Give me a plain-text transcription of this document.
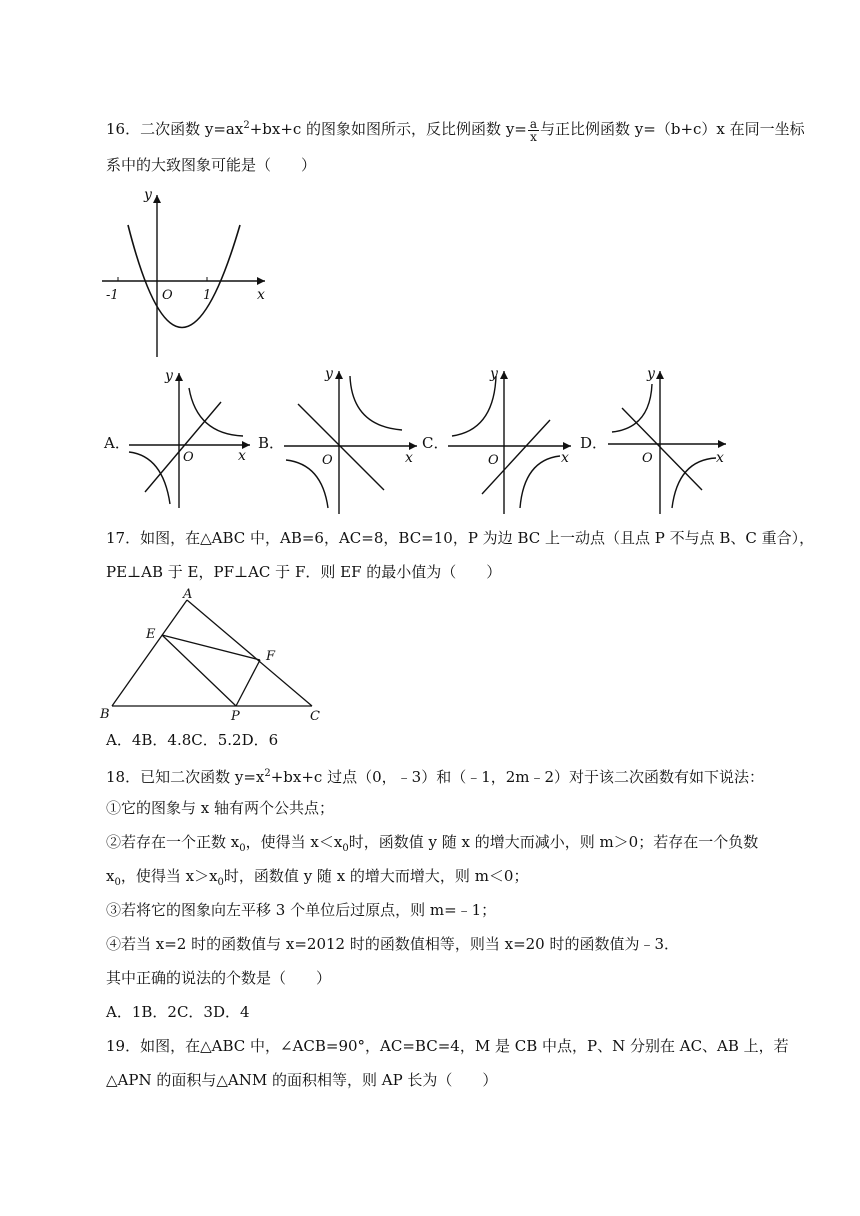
16．二次函数 $y=ax^2+bx+c$ 的图象如图所示，反比例函数 $y= \frac{a}{x}$ 与正比例函数 y=（b+c）x 在同一坐标
系中的大致图象可能是（　　）
y
x
O
-1	1
A．
y
x
O
B．
y
x
O
C．
y
x
O
D．
y
x
O
17．如图，在△ABC 中，AB=6，AC=8，BC=10，P 为边 BC 上一动点（且点 P 不与点 B、C 重合），
PE⊥AB 于 E，PF⊥AC 于 F．则 EF 的最小值为（　　）
A
B	C
E
F
P
A．4B．4.8C．5.2D．6
18．已知二次函数 $y=x^2+bx+c$ 过点（0，﹣3）和（﹣1，2m﹣2）对于该二次函数有如下说法：
①它的图象与 x 轴有两个公共点；
②若存在一个正数 $x_0$，使得当 $x<x_0$时，函数值 y 随 x 的增大而减小，则 m＞0；若存在一个负数
$x_0$，使得当 $x>x_0$时，函数值 y 随 x 的增大而增大，则 m＜0；
③若将它的图象向左平移 3 个单位后过原点，则 m=﹣1；
④若当 x=2 时的函数值与 x=2012 时的函数值相等，则当 x=20 时的函数值为﹣3．
其中正确的说法的个数是（　　）
A．1B．2C．3D．4
19．如图，在△ABC 中，∠ACB=90°，AC=BC=4，M 是 CB 中点，P、N 分别在 AC、AB 上，若
△APN 的面积与△ANM 的面积相等，则 AP 长为（　　）
